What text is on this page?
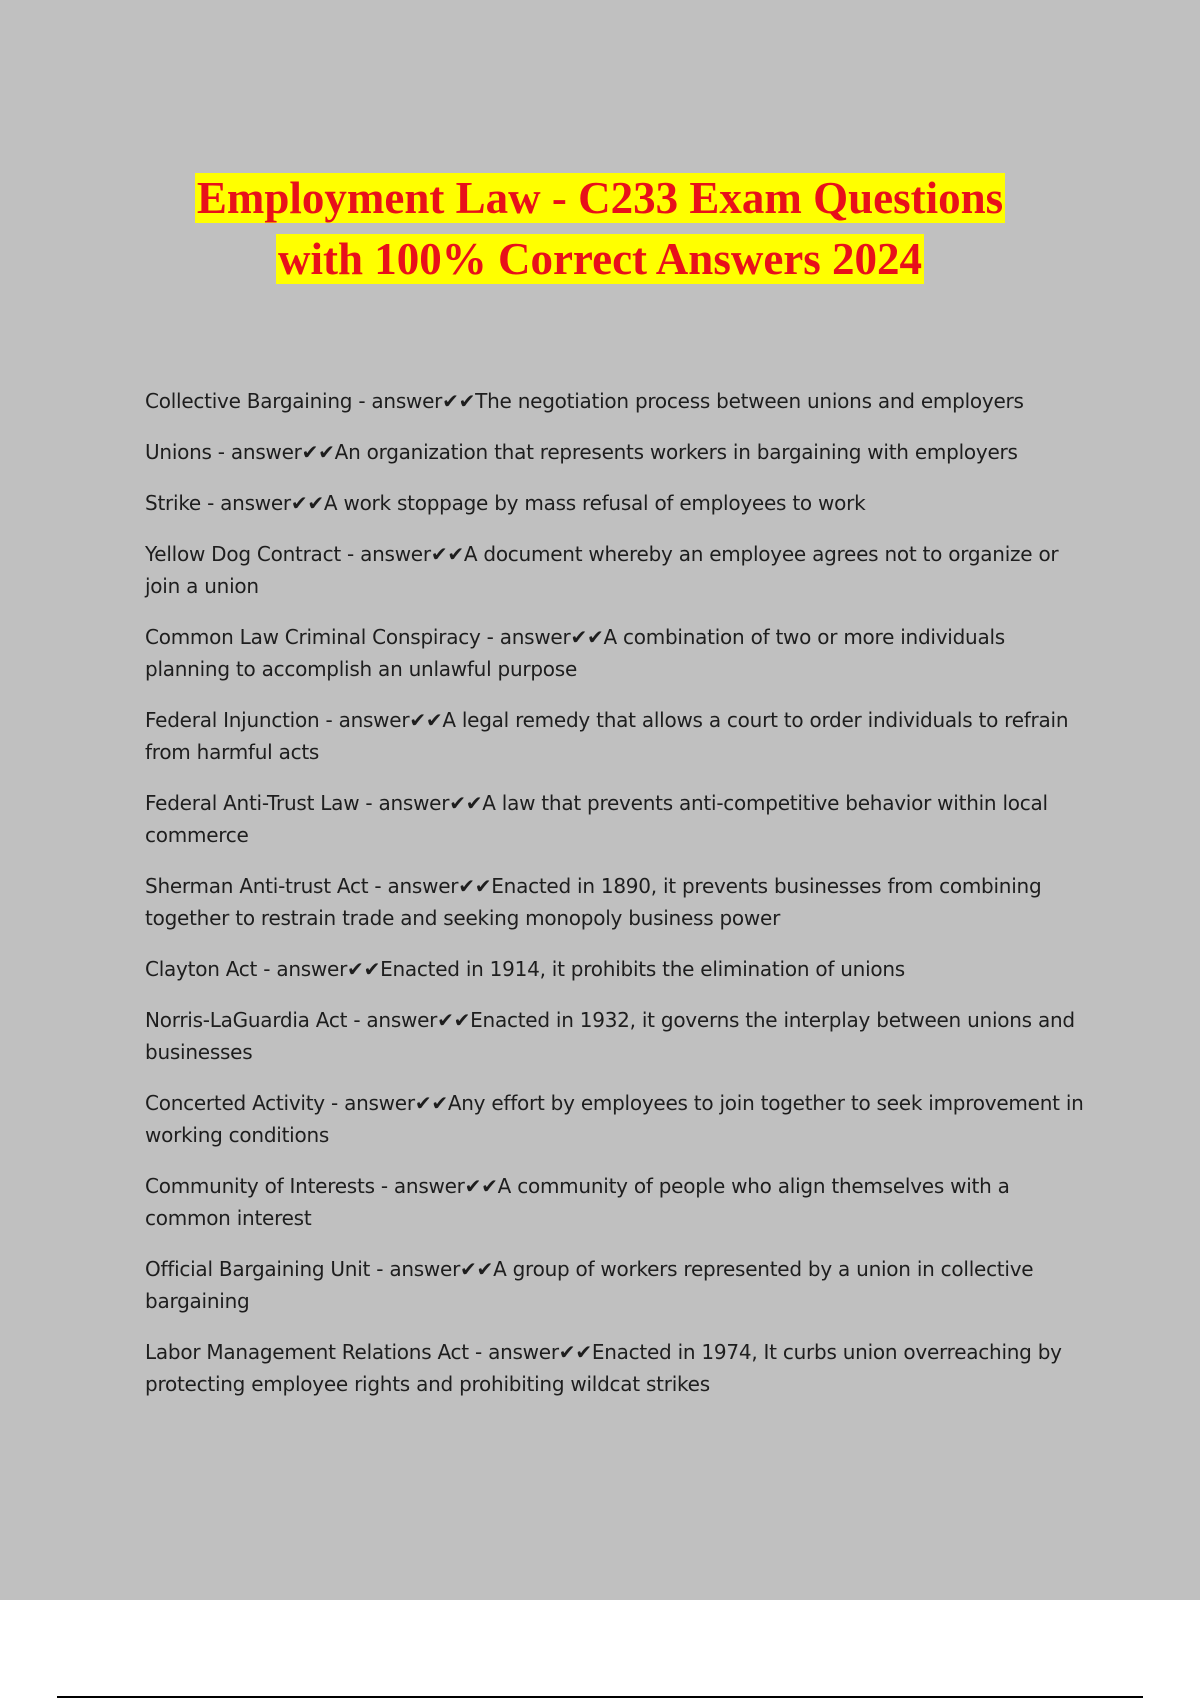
Employment Law - C233 Exam Questions
with 100% Correct Answers 2024
Collective Bargaining - answer✔✔The negotiation process between unions and employers
Unions - answer✔✔An organization that represents workers in bargaining with employers
Strike - answer✔✔A work stoppage by mass refusal of employees to work
Yellow Dog Contract - answer✔✔A document whereby an employee agrees not to organize or join a union
Common Law Criminal Conspiracy - answer✔✔A combination of two or more individuals planning to accomplish an unlawful purpose
Federal Injunction - answer✔✔A legal remedy that allows a court to order individuals to refrain from harmful acts
Federal Anti-Trust Law - answer✔✔A law that prevents anti-competitive behavior within local commerce
Sherman Anti-trust Act - answer✔✔Enacted in 1890, it prevents businesses from combining together to restrain trade and seeking monopoly business power
Clayton Act - answer✔✔Enacted in 1914, it prohibits the elimination of unions
Norris-LaGuardia Act - answer✔✔Enacted in 1932, it governs the interplay between unions and businesses
Concerted Activity - answer✔✔Any effort by employees to join together to seek improvement in working conditions
Community of Interests - answer✔✔A community of people who align themselves with a common interest
Official Bargaining Unit - answer✔✔A group of workers represented by a union in collective bargaining
Labor Management Relations Act - answer✔✔Enacted in 1974, It curbs union overreaching by protecting employee rights and prohibiting wildcat strikes
